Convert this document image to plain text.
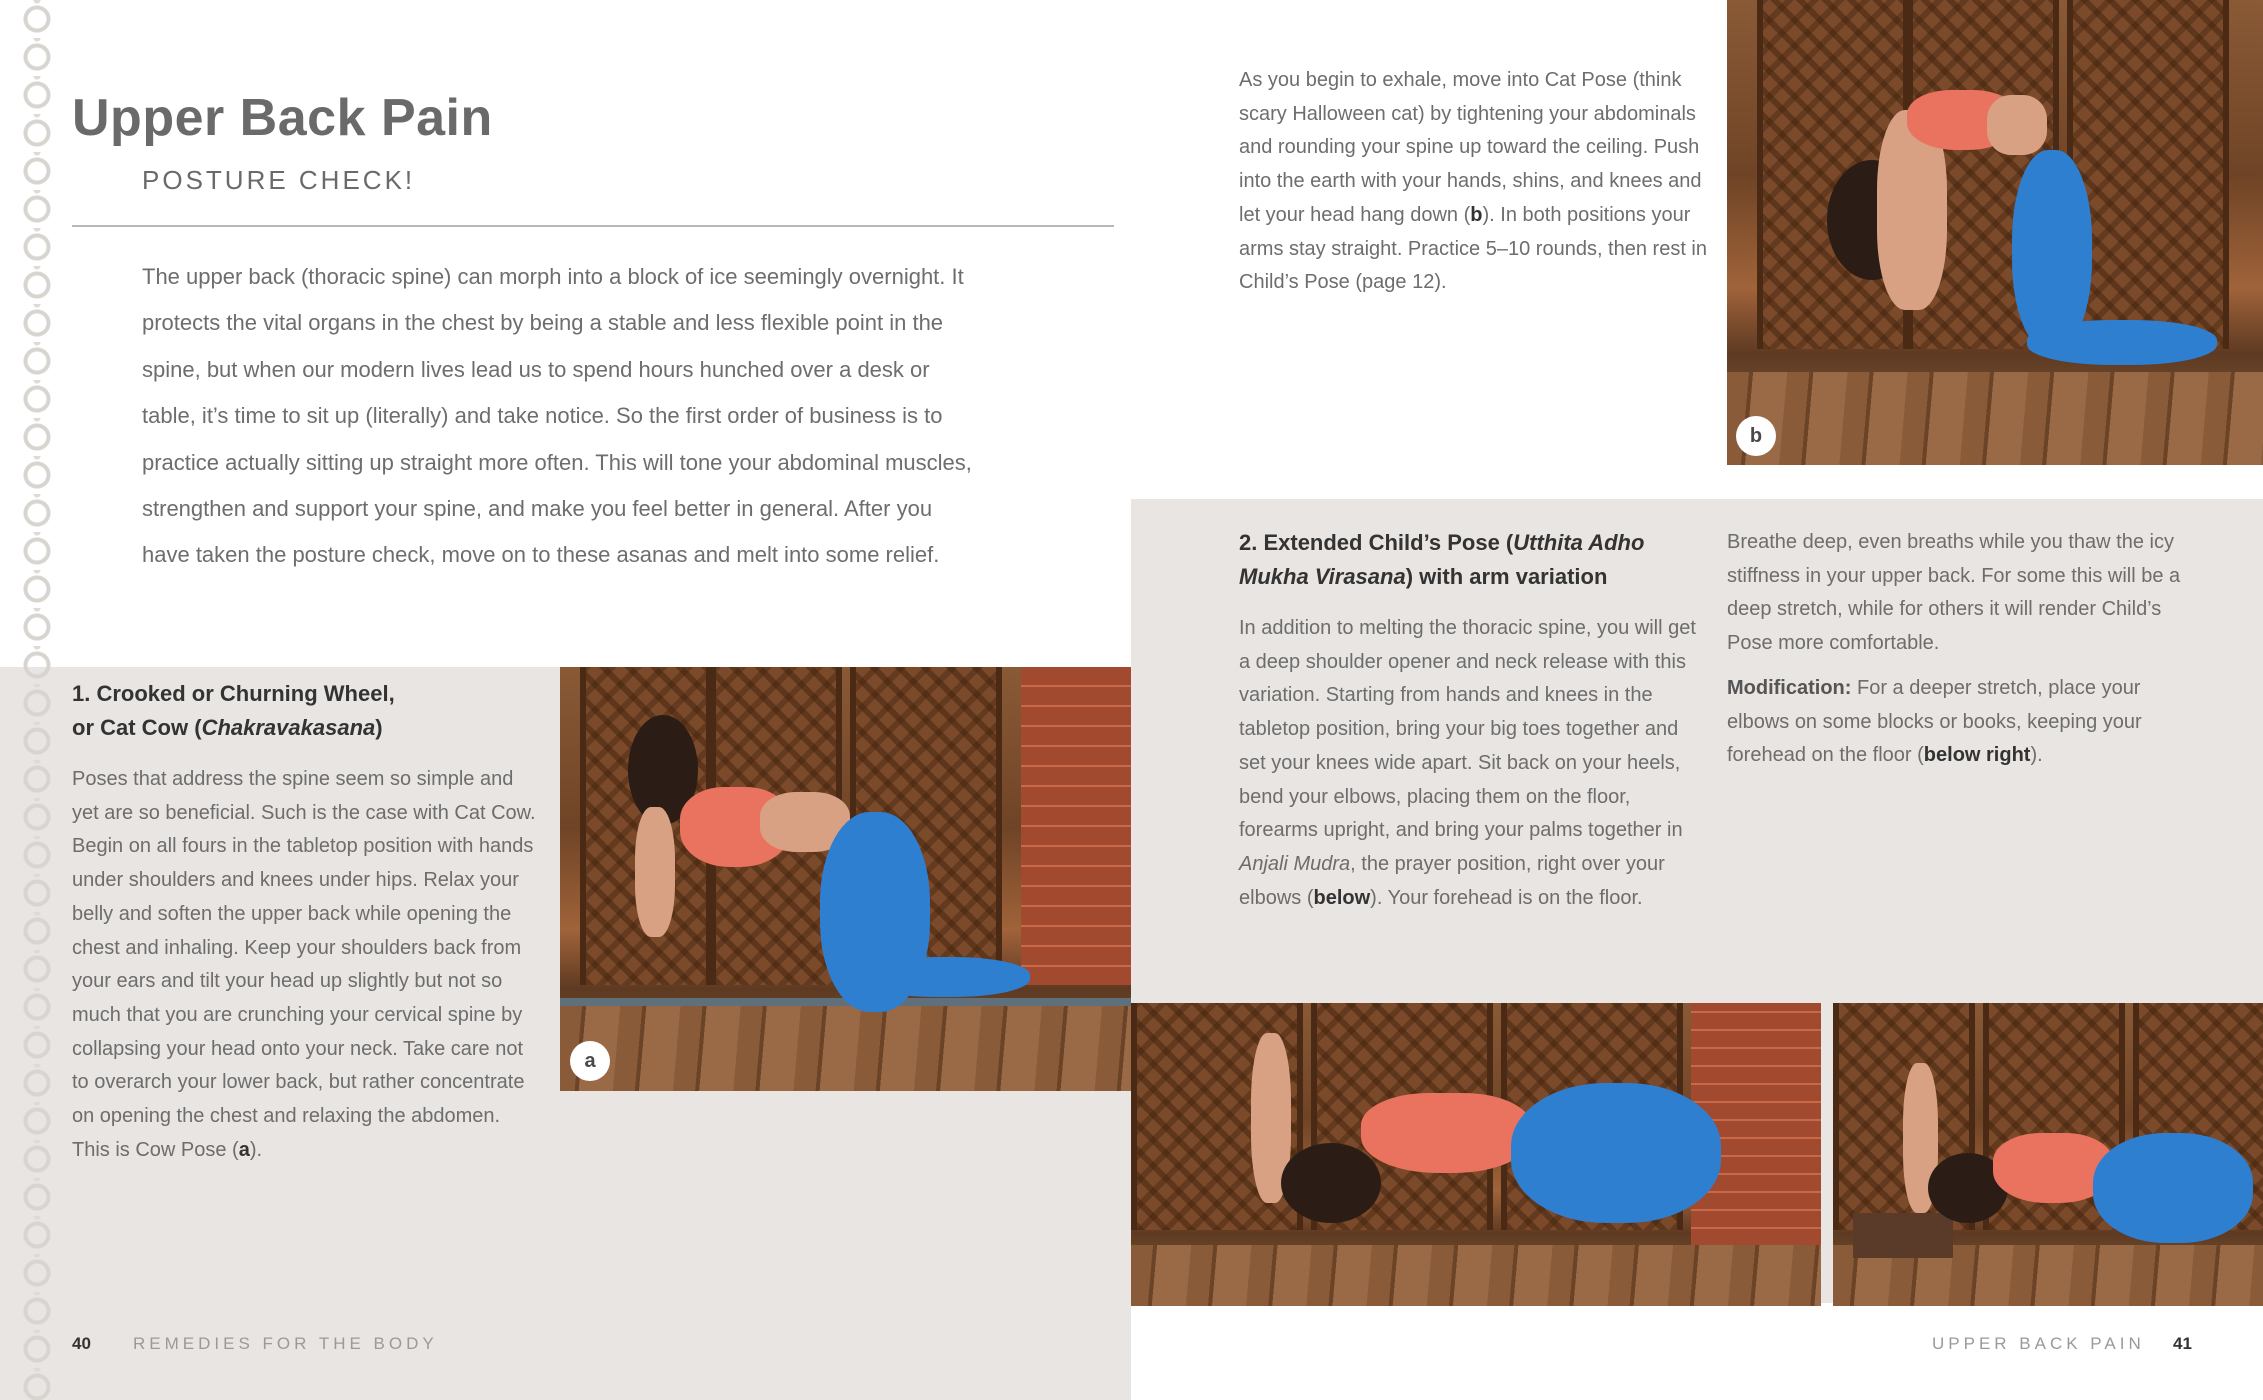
Upper Back Pain
POSTURE CHECK!
The upper back (thoracic spine) can morph into a block of ice seemingly overnight. It protects the vital organs in the chest by being a stable and less flexible point in the spine, but when our modern lives lead us to spend hours hunched over a desk or table, it’s time to sit up (literally) and take notice. So the first order of business is to practice actually sitting up straight more often. This will tone your abdominal muscles, strengthen and support your spine, and make you feel better in general. After you have taken the posture check, move on to these asanas and melt into some relief.
1. Crooked or Churning Wheel,
or Cat Cow (Chakravakasana)
Poses that address the spine seem so simple and yet are so beneficial. Such is the case with Cat Cow. Begin on all fours in the tabletop position with hands under shoulders and knees under hips. Relax your belly and soften the upper back while opening the chest and inhaling. Keep your shoulders back from your ears and tilt your head up slightly but not so much that you are crunching your cervical spine by collapsing your head onto your neck. Take care not to overarch your lower back, but rather concentrate on opening the chest and relaxing the abdomen. This is Cow Pose (a).
a
As you begin to exhale, move into Cat Pose (think scary Halloween cat) by tightening your abdominals and rounding your spine up toward the ceiling. Push into the earth with your hands, shins, and knees and let your head hang down (b). In both positions your arms stay straight. Practice 5–10 rounds, then rest in Child’s Pose (page 12).
b
2. Extended Child’s Pose (Utthita Adho
Mukha Virasana) with arm variation
In addition to melting the thoracic spine, you will get a deep shoulder opener and neck release with this variation. Starting from hands and knees in the tabletop position, bring your big toes together and set your knees wide apart. Sit back on your heels, bend your elbows, placing them on the floor, forearms upright, and bring your palms together in Anjali Mudra, the prayer position, right over your elbows (below). Your forehead is on the floor.
Breathe deep, even breaths while you thaw the icy stiffness in your upper back. For some this will be a deep stretch, while for others it will render Child’s Pose more comfortable.
Modification: For a deeper stretch, place your elbows on some blocks or books, keeping your forehead on the floor (below right).
40 REMEDIES FOR THE BODY	UPPER BACK PAIN 41
